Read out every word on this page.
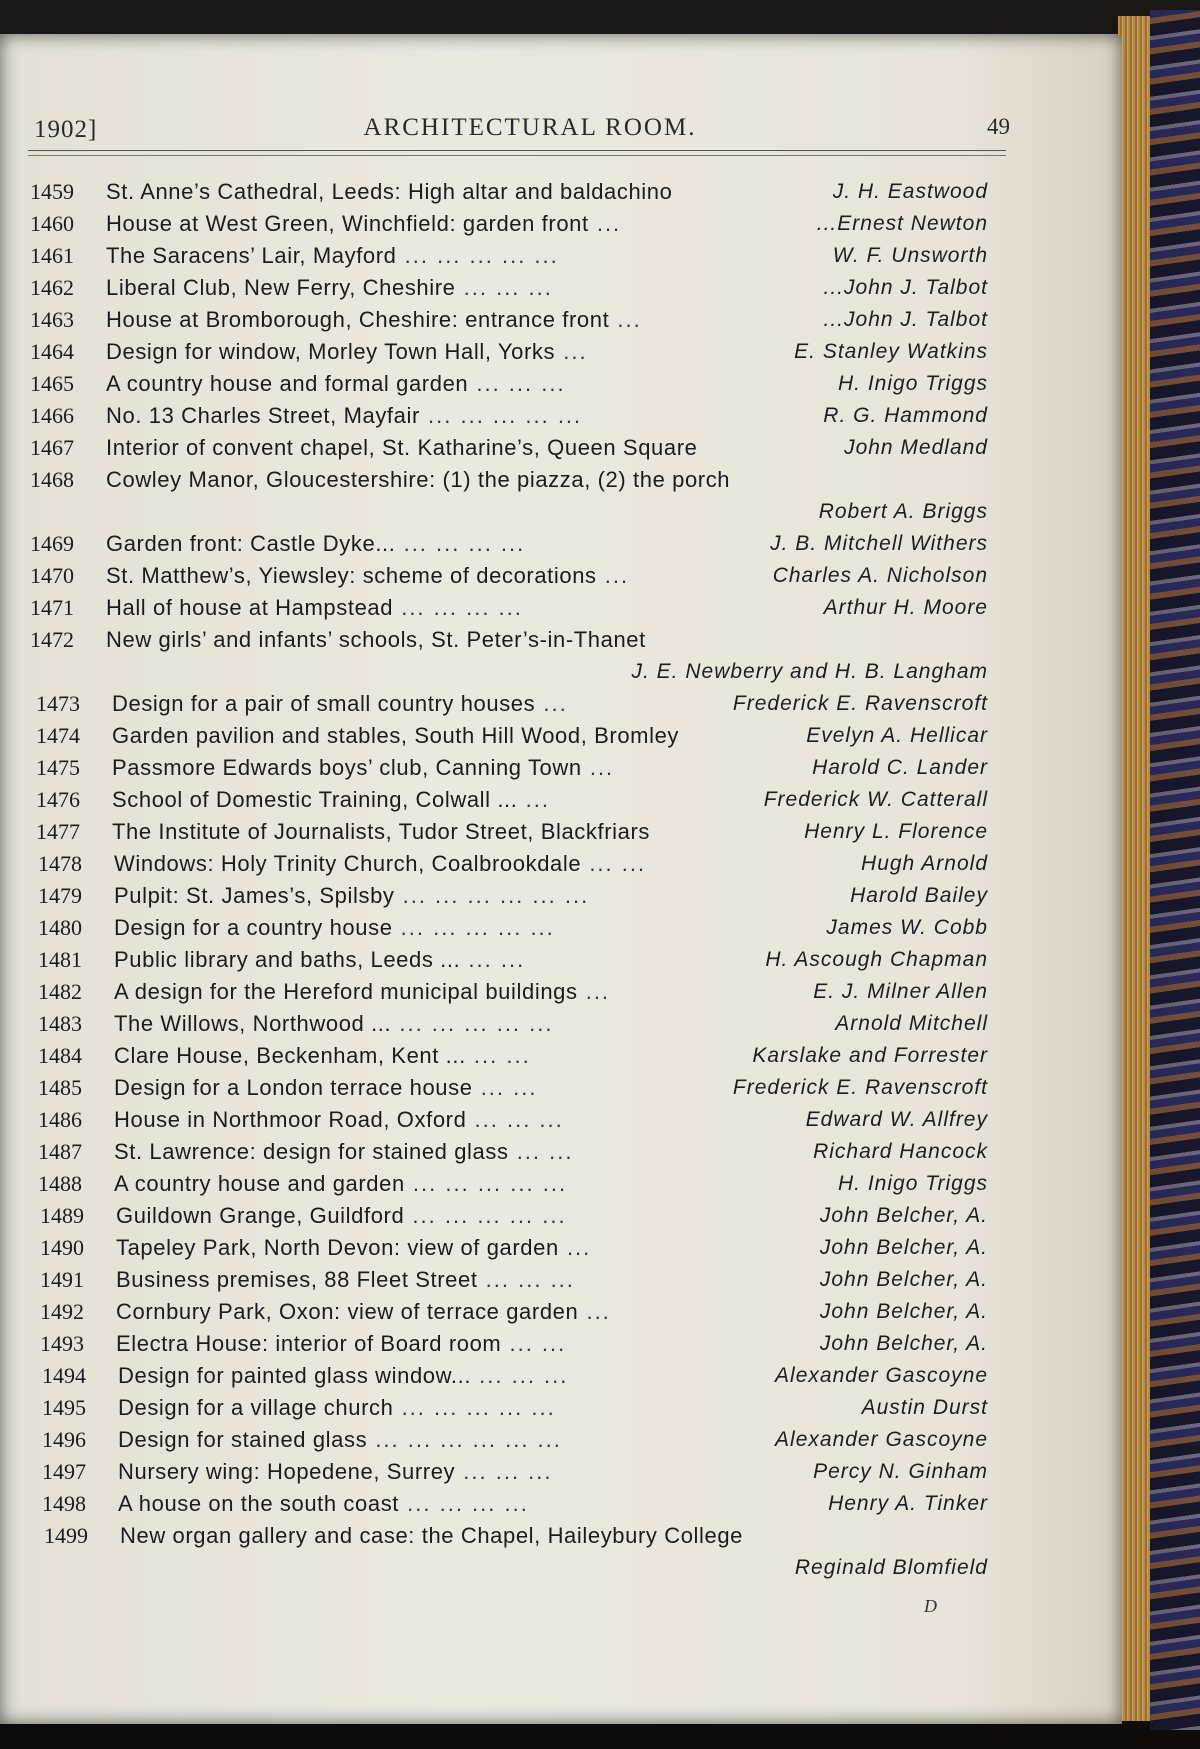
1902]	ARCHITECTURAL ROOM.	49
1459	St. Anne’s Cathedral, Leeds: High altar and baldachino	J. H. Eastwood
1460	House at West Green, Winchfield: garden front ...	...Ernest Newton
1461	The Saracens’ Lair, Mayford ... ... ... ... ...	W. F. Unsworth
1462	Liberal Club, New Ferry, Cheshire ... ... ...	...John J. Talbot
1463	House at Bromborough, Cheshire: entrance front ...	...John J. Talbot
1464	Design for window, Morley Town Hall, Yorks ...	E. Stanley Watkins
1465	A country house and formal garden ... ... ...	H. Inigo Triggs
1466	No. 13 Charles Street, Mayfair ... ... ... ... ...	R. G. Hammond
1467	Interior of convent chapel, St. Katharine’s, Queen Square	John Medland
1468	Cowley Manor, Gloucestershire: (1) the piazza, (2) the porch
Robert A. Briggs
1469	Garden front: Castle Dyke... ... ... ... ...	J. B. Mitchell Withers
1470	St. Matthew’s, Yiewsley: scheme of decorations ...	Charles A. Nicholson
1471	Hall of house at Hampstead ... ... ... ...	Arthur H. Moore
1472	New girls’ and infants’ schools, St. Peter’s-in-Thanet
J. E. Newberry and H. B. Langham
1473	Design for a pair of small country houses ...	Frederick E. Ravenscroft
1474	Garden pavilion and stables, South Hill Wood, Bromley	Evelyn A. Hellicar
1475	Passmore Edwards boys’ club, Canning Town ...	Harold C. Lander
1476	School of Domestic Training, Colwall ... ...	Frederick W. Catterall
1477	The Institute of Journalists, Tudor Street, Blackfriars	Henry L. Florence
1478	Windows: Holy Trinity Church, Coalbrookdale ... ...	Hugh Arnold
1479	Pulpit: St. James’s, Spilsby ... ... ... ... ... ...	Harold Bailey
1480	Design for a country house ... ... ... ... ...	James W. Cobb
1481	Public library and baths, Leeds ... ... ...	H. Ascough Chapman
1482	A design for the Hereford municipal buildings ...	E. J. Milner Allen
1483	The Willows, Northwood ... ... ... ... ... ...	Arnold Mitchell
1484	Clare House, Beckenham, Kent ... ... ...	Karslake and Forrester
1485	Design for a London terrace house ... ...	Frederick E. Ravenscroft
1486	House in Northmoor Road, Oxford ... ... ...	Edward W. Allfrey
1487	St. Lawrence: design for stained glass ... ...	Richard Hancock
1488	A country house and garden ... ... ... ... ...	H. Inigo Triggs
1489	Guildown Grange, Guildford ... ... ... ... ...	John Belcher, A.
1490	Tapeley Park, North Devon: view of garden ...	John Belcher, A.
1491	Business premises, 88 Fleet Street ... ... ...	John Belcher, A.
1492	Cornbury Park, Oxon: view of terrace garden ...	John Belcher, A.
1493	Electra House: interior of Board room ... ...	John Belcher, A.
1494	Design for painted glass window... ... ... ...	Alexander Gascoyne
1495	Design for a village church ... ... ... ... ...	Austin Durst
1496	Design for stained glass ... ... ... ... ... ...	Alexander Gascoyne
1497	Nursery wing: Hopedene, Surrey ... ... ...	Percy N. Ginham
1498	A house on the south coast ... ... ... ...	Henry A. Tinker
1499	New organ gallery and case: the Chapel, Haileybury College
Reginald Blomfield
D
